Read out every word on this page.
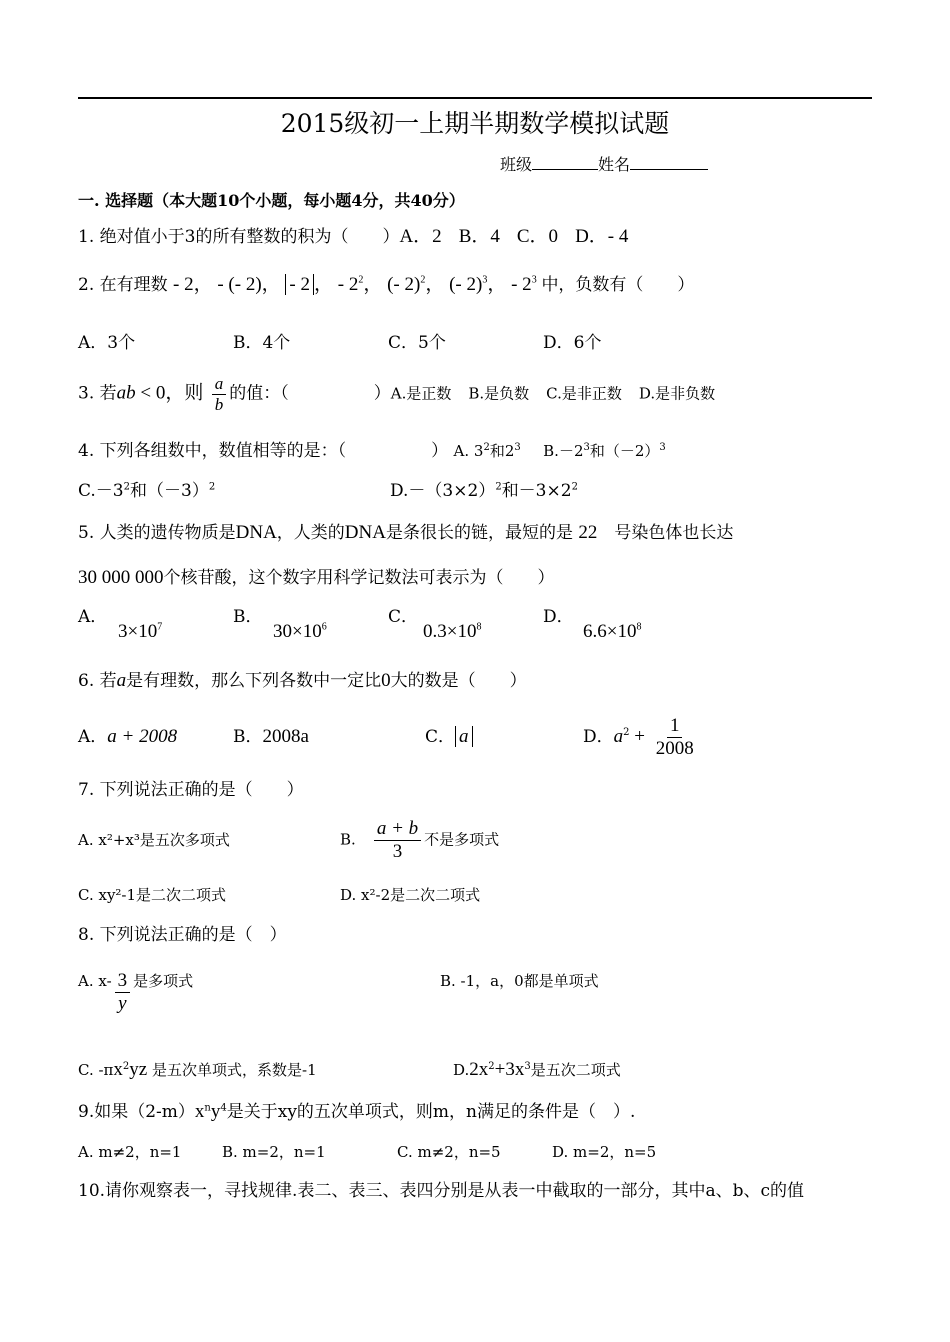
2015级初一上期半期数学模拟试题
班级	姓名
一. 选择题（本大题10个小题，每小题4分，共40分）
1. 绝对值小于3的所有整数的积为（　　）A．2　 B．4　 C．0　 D．- 4
2. 在有理数 - 2， - (- 2)， - 2 ， - $2^2$， (- 2)$^2$， (- 2)$^3$， - $2^3$ 中，负数有（　　）
A．3个	B．4个	C．5个	D．6个
3. 若ab < 0，则 $\frac{a}{b}$ 的值：（　　　　　）A.是正数　 B.是负数　 C.是非正数　 D.是非负数
4. 下列各组数中，数值相等的是：（　　　　　） A. $3^2$和$2^3$ 　 $B.-2^3$和$(-2)^3$
$C.-3^2$和$(-3)^2$	$D.-(3\times 2)^2$和$-3\times 2^2$
5. 人类的遗传物质是DNA，人类的DNA是条很长的链，最短的是 22　 号染色体也长达
30 000 000个核苷酸，这个数字用科学记数法可表示为（　　）
A．	B．	C．	D．
$3\times 10^7$	$30\times 10^6$	$0.3\times 10^8$	$6.6\times 10^8$
6. 若a是有理数，那么下列各数中一定比0大的数是（　　）
A．a + 2008	B．2008a	C． a	D．$a^2 + \frac{1}{2008}$
7. 下列说法正确的是（　　）
A. x²+x³是五次多项式	B.　 $\frac{a + b}{3}$ 不是多项式
C. xy²-1是二次二项式	D. x²-2是二次二项式
8. 下列说法正确的是（　）
A. $x- \frac{3}{y}$ 是多项式	B. -1，a，0都是单项式
C. $-\pi x^2yz$ 是五次单项式，系数是-1	$D.2x^2+3x^3$是五次二项式
9.如果$(2-m)x^ny^4$是关于xy的五次单项式，则m，n满足的条件是（　）.
A. m≠2，n=1	B. m=2，n=1	C. m≠2，n=5	D. m=2，n=5
10.请你观察表一，寻找规律.表二、表三、表四分别是从表一中截取的一部分，其中a、b、c的值
